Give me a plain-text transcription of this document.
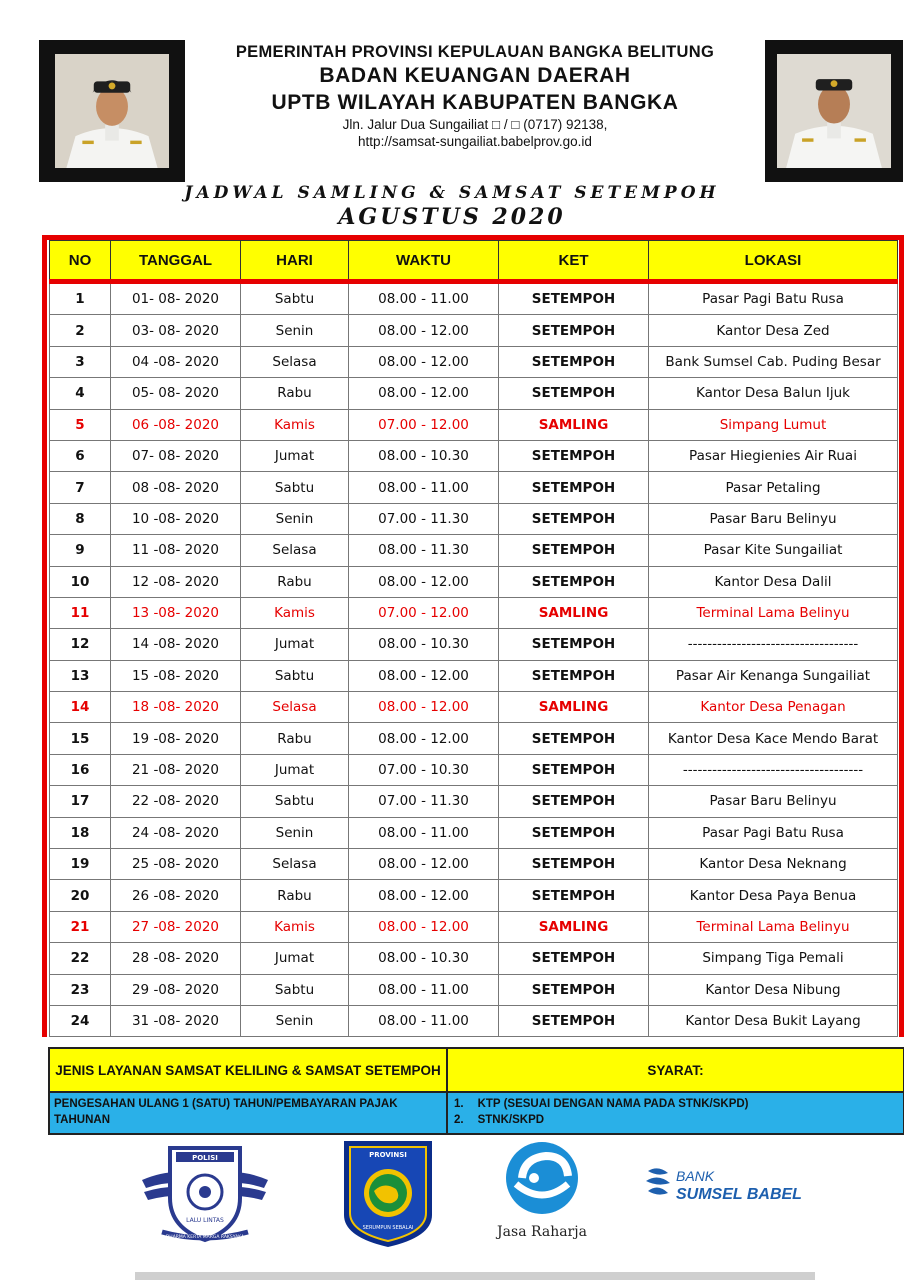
PEMERINTAH PROVINSI KEPULAUAN BANGKA BELITUNG
BADAN KEUANGAN DAERAH
UPTB WILAYAH KABUPATEN BANGKA
Jln. Jalur Dua Sungailiat □ / □ (0717) 92138,
http://samsat-sungailiat.babelprov.go.id
JADWAL SAMLING & SAMSAT SETEMPOH
AGUSTUS 2020
NO	TANGGAL	HARI	WAKTU	KET	LOKASI
1	01- 08- 2020	Sabtu	08.00 - 11.00	SETEMPOH	Pasar Pagi Batu Rusa
2	03- 08- 2020	Senin	08.00 - 12.00	SETEMPOH	Kantor Desa Zed
3	04 -08- 2020	Selasa	08.00 - 12.00	SETEMPOH	Bank Sumsel Cab. Puding Besar
4	05- 08- 2020	Rabu	08.00 - 12.00	SETEMPOH	Kantor Desa Balun Ijuk
5	06 -08- 2020	Kamis	07.00 - 12.00	SAMLING	Simpang Lumut
6	07- 08- 2020	Jumat	08.00 - 10.30	SETEMPOH	Pasar Hiegienies Air Ruai
7	08 -08- 2020	Sabtu	08.00 - 11.00	SETEMPOH	Pasar Petaling
8	10 -08- 2020	Senin	07.00 - 11.30	SETEMPOH	Pasar Baru Belinyu
9	11 -08- 2020	Selasa	08.00 - 11.30	SETEMPOH	Pasar Kite Sungailiat
10	12 -08- 2020	Rabu	08.00 - 12.00	SETEMPOH	Kantor Desa Dalil
11	13 -08- 2020	Kamis	07.00 - 12.00	SAMLING	Terminal Lama Belinyu
12	14 -08- 2020	Jumat	08.00 - 10.30	SETEMPOH	-----------------------------------
13	15 -08- 2020	Sabtu	08.00 - 12.00	SETEMPOH	Pasar Air Kenanga Sungailiat
14	18 -08- 2020	Selasa	08.00 - 12.00	SAMLING	Kantor Desa Penagan
15	19 -08- 2020	Rabu	08.00 - 12.00	SETEMPOH	Kantor Desa Kace Mendo Barat
16	21 -08- 2020	Jumat	07.00 - 10.30	SETEMPOH	-------------------------------------
17	22 -08- 2020	Sabtu	07.00 - 11.30	SETEMPOH	Pasar Baru Belinyu
18	24 -08- 2020	Senin	08.00 - 11.00	SETEMPOH	Pasar Pagi Batu Rusa
19	25 -08- 2020	Selasa	08.00 - 12.00	SETEMPOH	Kantor Desa Neknang
20	26 -08- 2020	Rabu	08.00 - 12.00	SETEMPOH	Kantor Desa Paya Benua
21	27 -08- 2020	Kamis	08.00 - 12.00	SAMLING	Terminal Lama Belinyu
22	28 -08- 2020	Jumat	08.00 - 10.30	SETEMPOH	Simpang Tiga Pemali
23	29 -08- 2020	Sabtu	08.00 - 11.00	SETEMPOH	Kantor Desa Nibung
24	31 -08- 2020	Senin	08.00 - 11.00	SETEMPOH	Kantor Desa Bukit Layang
JENIS LAYANAN SAMSAT KELILING & SAMSAT SETEMPOH	SYARAT:
PENGESAHAN ULANG 1 (SATU) TAHUN/PEMBAYARAN PAJAK TAHUNAN	1. KTP (SESUAI DENGAN NAMA PADA STNK/SKPD)
2. STNK/SKPD
POLISI
LALU LINTAS
DHARMA KERTA MARGA RAKSYAKA
PROVINSI
SERUMPUN SEBALAI	Jasa Raharja
BANK
SUMSEL BABEL
